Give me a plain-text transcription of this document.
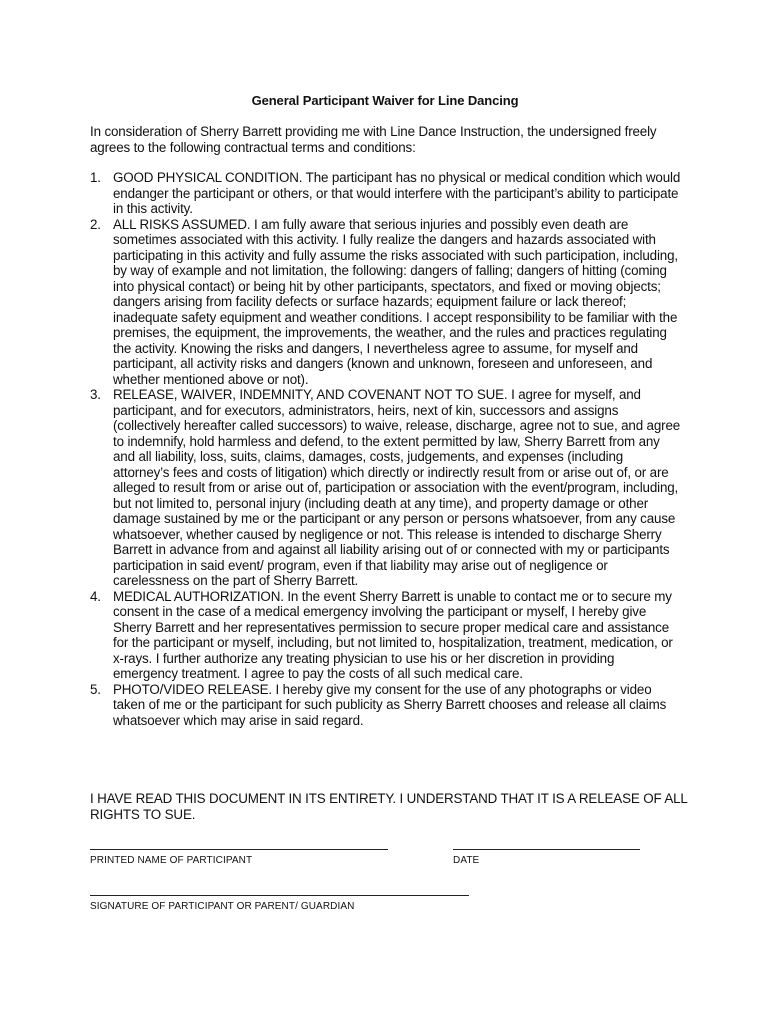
General Participant Waiver for Line Dancing
In consideration of Sherry Barrett providing me with Line Dance Instruction, the undersigned freely agrees to the following contractual terms and conditions:
1. GOOD PHYSICAL CONDITION. The participant has no physical or medical condition which would endanger the participant or others, or that would interfere with the participant’s ability to participate in this activity.
2. ALL RISKS ASSUMED. I am fully aware that serious injuries and possibly even death are sometimes associated with this activity. I fully realize the dangers and hazards associated with participating in this activity and fully assume the risks associated with such participation, including, by way of example and not limitation, the following: dangers of falling; dangers of hitting (coming into physical contact) or being hit by other participants, spectators, and fixed or moving objects; dangers arising from facility defects or surface hazards; equipment failure or lack thereof; inadequate safety equipment and weather conditions. I accept responsibility to be familiar with the premises, the equipment, the improvements, the weather, and the rules and practices regulating the activity. Knowing the risks and dangers, I nevertheless agree to assume, for myself and participant, all activity risks and dangers (known and unknown, foreseen and unforeseen, and whether mentioned above or not).
3. RELEASE, WAIVER, INDEMNITY, AND COVENANT NOT TO SUE. I agree for myself, and participant, and for executors, administrators, heirs, next of kin, successors and assigns (collectively hereafter called successors) to waive, release, discharge, agree not to sue, and agree to indemnify, hold harmless and defend, to the extent permitted by law, Sherry Barrett from any and all liability, loss, suits, claims, damages, costs, judgements, and expenses (including attorney’s fees and costs of litigation) which directly or indirectly result from or arise out of, or are alleged to result from or arise out of, participation or association with the event/program, including, but not limited to, personal injury (including death at any time), and property damage or other damage sustained by me or the participant or any person or persons whatsoever, from any cause whatsoever, whether caused by negligence or not. This release is intended to discharge Sherry Barrett in advance from and against all liability arising out of or connected with my or participants participation in said event/ program, even if that liability may arise out of negligence or carelessness on the part of Sherry Barrett.
4. MEDICAL AUTHORIZATION. In the event Sherry Barrett is unable to contact me or to secure my consent in the case of a medical emergency involving the participant or myself, I hereby give Sherry Barrett and her representatives permission to secure proper medical care and assistance for the participant or myself, including, but not limited to, hospitalization, treatment, medication, or x-rays. I further authorize any treating physician to use his or her discretion in providing emergency treatment. I agree to pay the costs of all such medical care.
5. PHOTO/VIDEO RELEASE. I hereby give my consent for the use of any photographs or video taken of me or the participant for such publicity as Sherry Barrett chooses and release all claims whatsoever which may arise in said regard.
I HAVE READ THIS DOCUMENT IN ITS ENTIRETY. I UNDERSTAND THAT IT IS A RELEASE OF ALL RIGHTS TO SUE.
PRINTED NAME OF PARTICIPANT	DATE
SIGNATURE OF PARTICIPANT OR PARENT/ GUARDIAN
